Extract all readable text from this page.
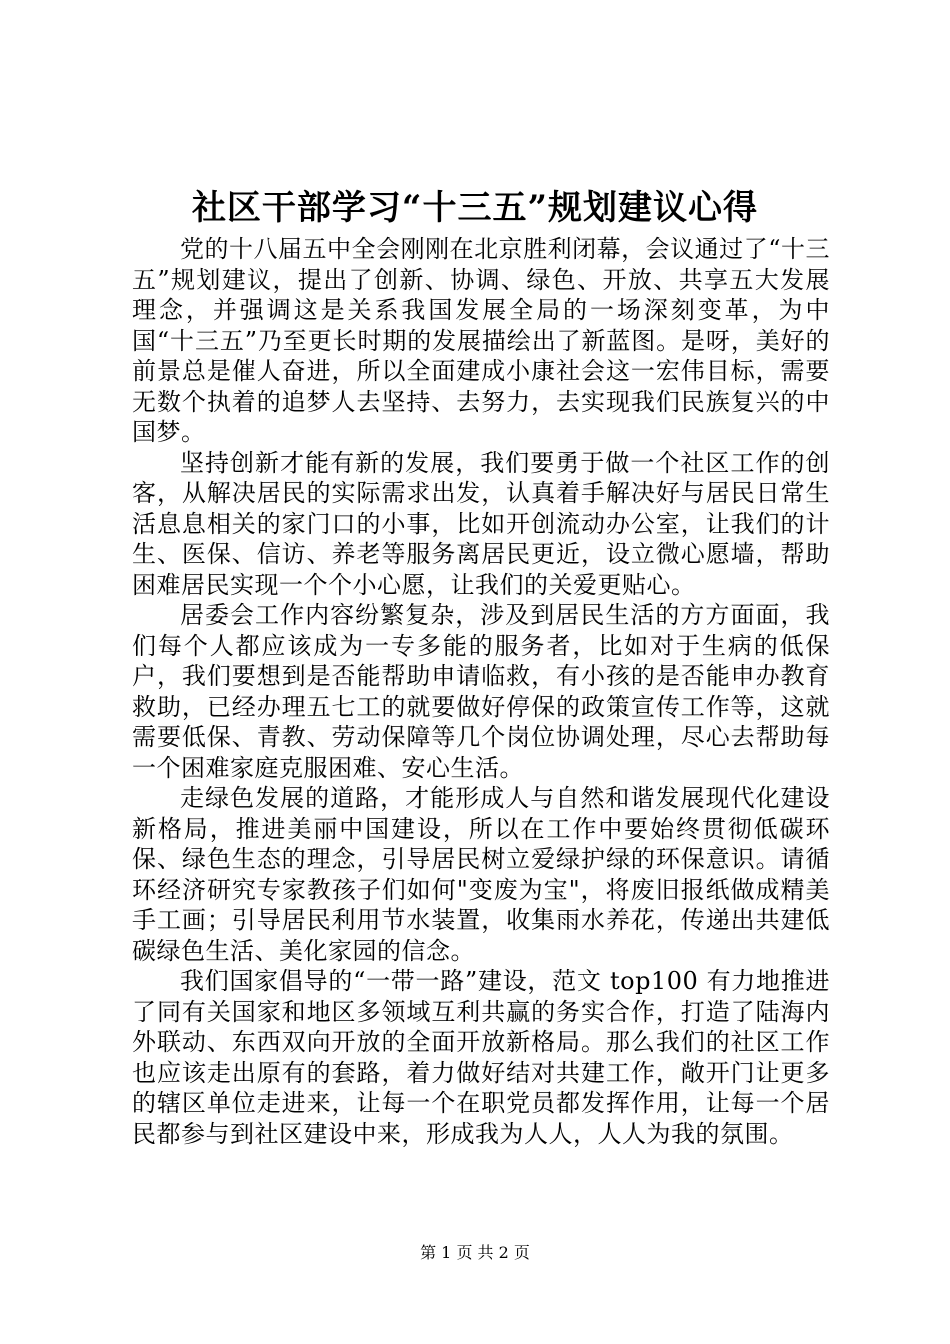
社区干部学习“十三五”规划建议心得

党的十八届五中全会刚刚在北京胜利闭幕，会议通过了“十三五”规划建议，提出了创新、协调、绿色、开放、共享五大发展理念，并强调这是关系我国发展全局的一场深刻变革，为中国“十三五”乃至更长时期的发展描绘出了新蓝图。是呀，美好的前景总是催人奋进，所以全面建成小康社会这一宏伟目标，需要无数个执着的追梦人去坚持、去努力，去实现我们民族复兴的中国梦。

坚持创新才能有新的发展，我们要勇于做一个社区工作的创客，从解决居民的实际需求出发，认真着手解决好与居民日常生活息息相关的家门口的小事，比如开创流动办公室，让我们的计生、医保、信访、养老等服务离居民更近，设立微心愿墙，帮助困难居民实现一个个小心愿，让我们的关爱更贴心。

居委会工作内容纷繁复杂，涉及到居民生活的方方面面，我们每个人都应该成为一专多能的服务者，比如对于生病的低保户，我们要想到是否能帮助申请临救，有小孩的是否能申办教育救助，已经办理五七工的就要做好停保的政策宣传工作等，这就需要低保、青教、劳动保障等几个岗位协调处理，尽心去帮助每一个困难家庭克服困难、安心生活。

走绿色发展的道路，才能形成人与自然和谐发展现代化建设新格局，推进美丽中国建设，所以在工作中要始终贯彻低碳环保、绿色生态的理念，引导居民树立爱绿护绿的环保意识。请循环经济研究专家教孩子们如何"变废为宝"，将废旧报纸做成精美手工画；引导居民利用节水装置，收集雨水养花，传递出共建低碳绿色生活、美化家园的信念。

我们国家倡导的“一带一路”建设，范文 top100 有力地推进了同有关国家和地区多领域互利共赢的务实合作，打造了陆海内外联动、东西双向开放的全面开放新格局。那么我们的社区工作也应该走出原有的套路，着力做好结对共建工作，敞开门让更多的辖区单位走进来，让每一个在职党员都发挥作用，让每一个居民都参与到社区建设中来，形成我为人人，人人为我的氛围。

第 1 页 共 2 页
